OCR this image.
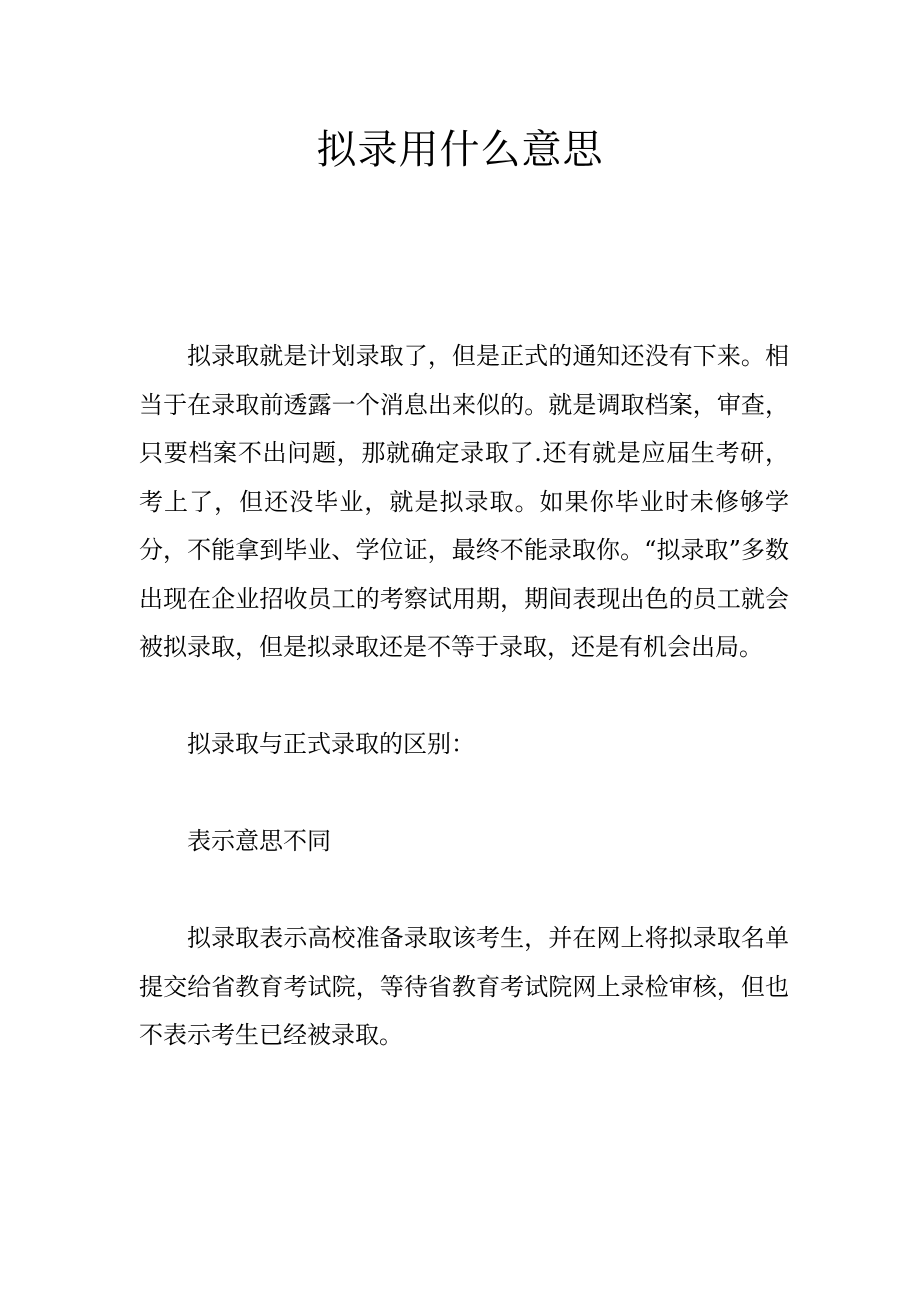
拟录用什么意思

拟录取就是计划录取了，但是正式的通知还没有下来。相当于在录取前透露一个消息出来似的。就是调取档案，审查，只要档案不出问题，那就确定录取了.还有就是应届生考研，考上了，但还没毕业，就是拟录取。如果你毕业时未修够学分，不能拿到毕业、学位证，最终不能录取你。“拟录取”多数出现在企业招收员工的考察试用期，期间表现出色的员工就会被拟录取，但是拟录取还是不等于录取，还是有机会出局。

拟录取与正式录取的区别：

表示意思不同

拟录取表示高校准备录取该考生，并在网上将拟录取名单提交给省教育考试院，等待省教育考试院网上录检审核，但也不表示考生已经被录取。
